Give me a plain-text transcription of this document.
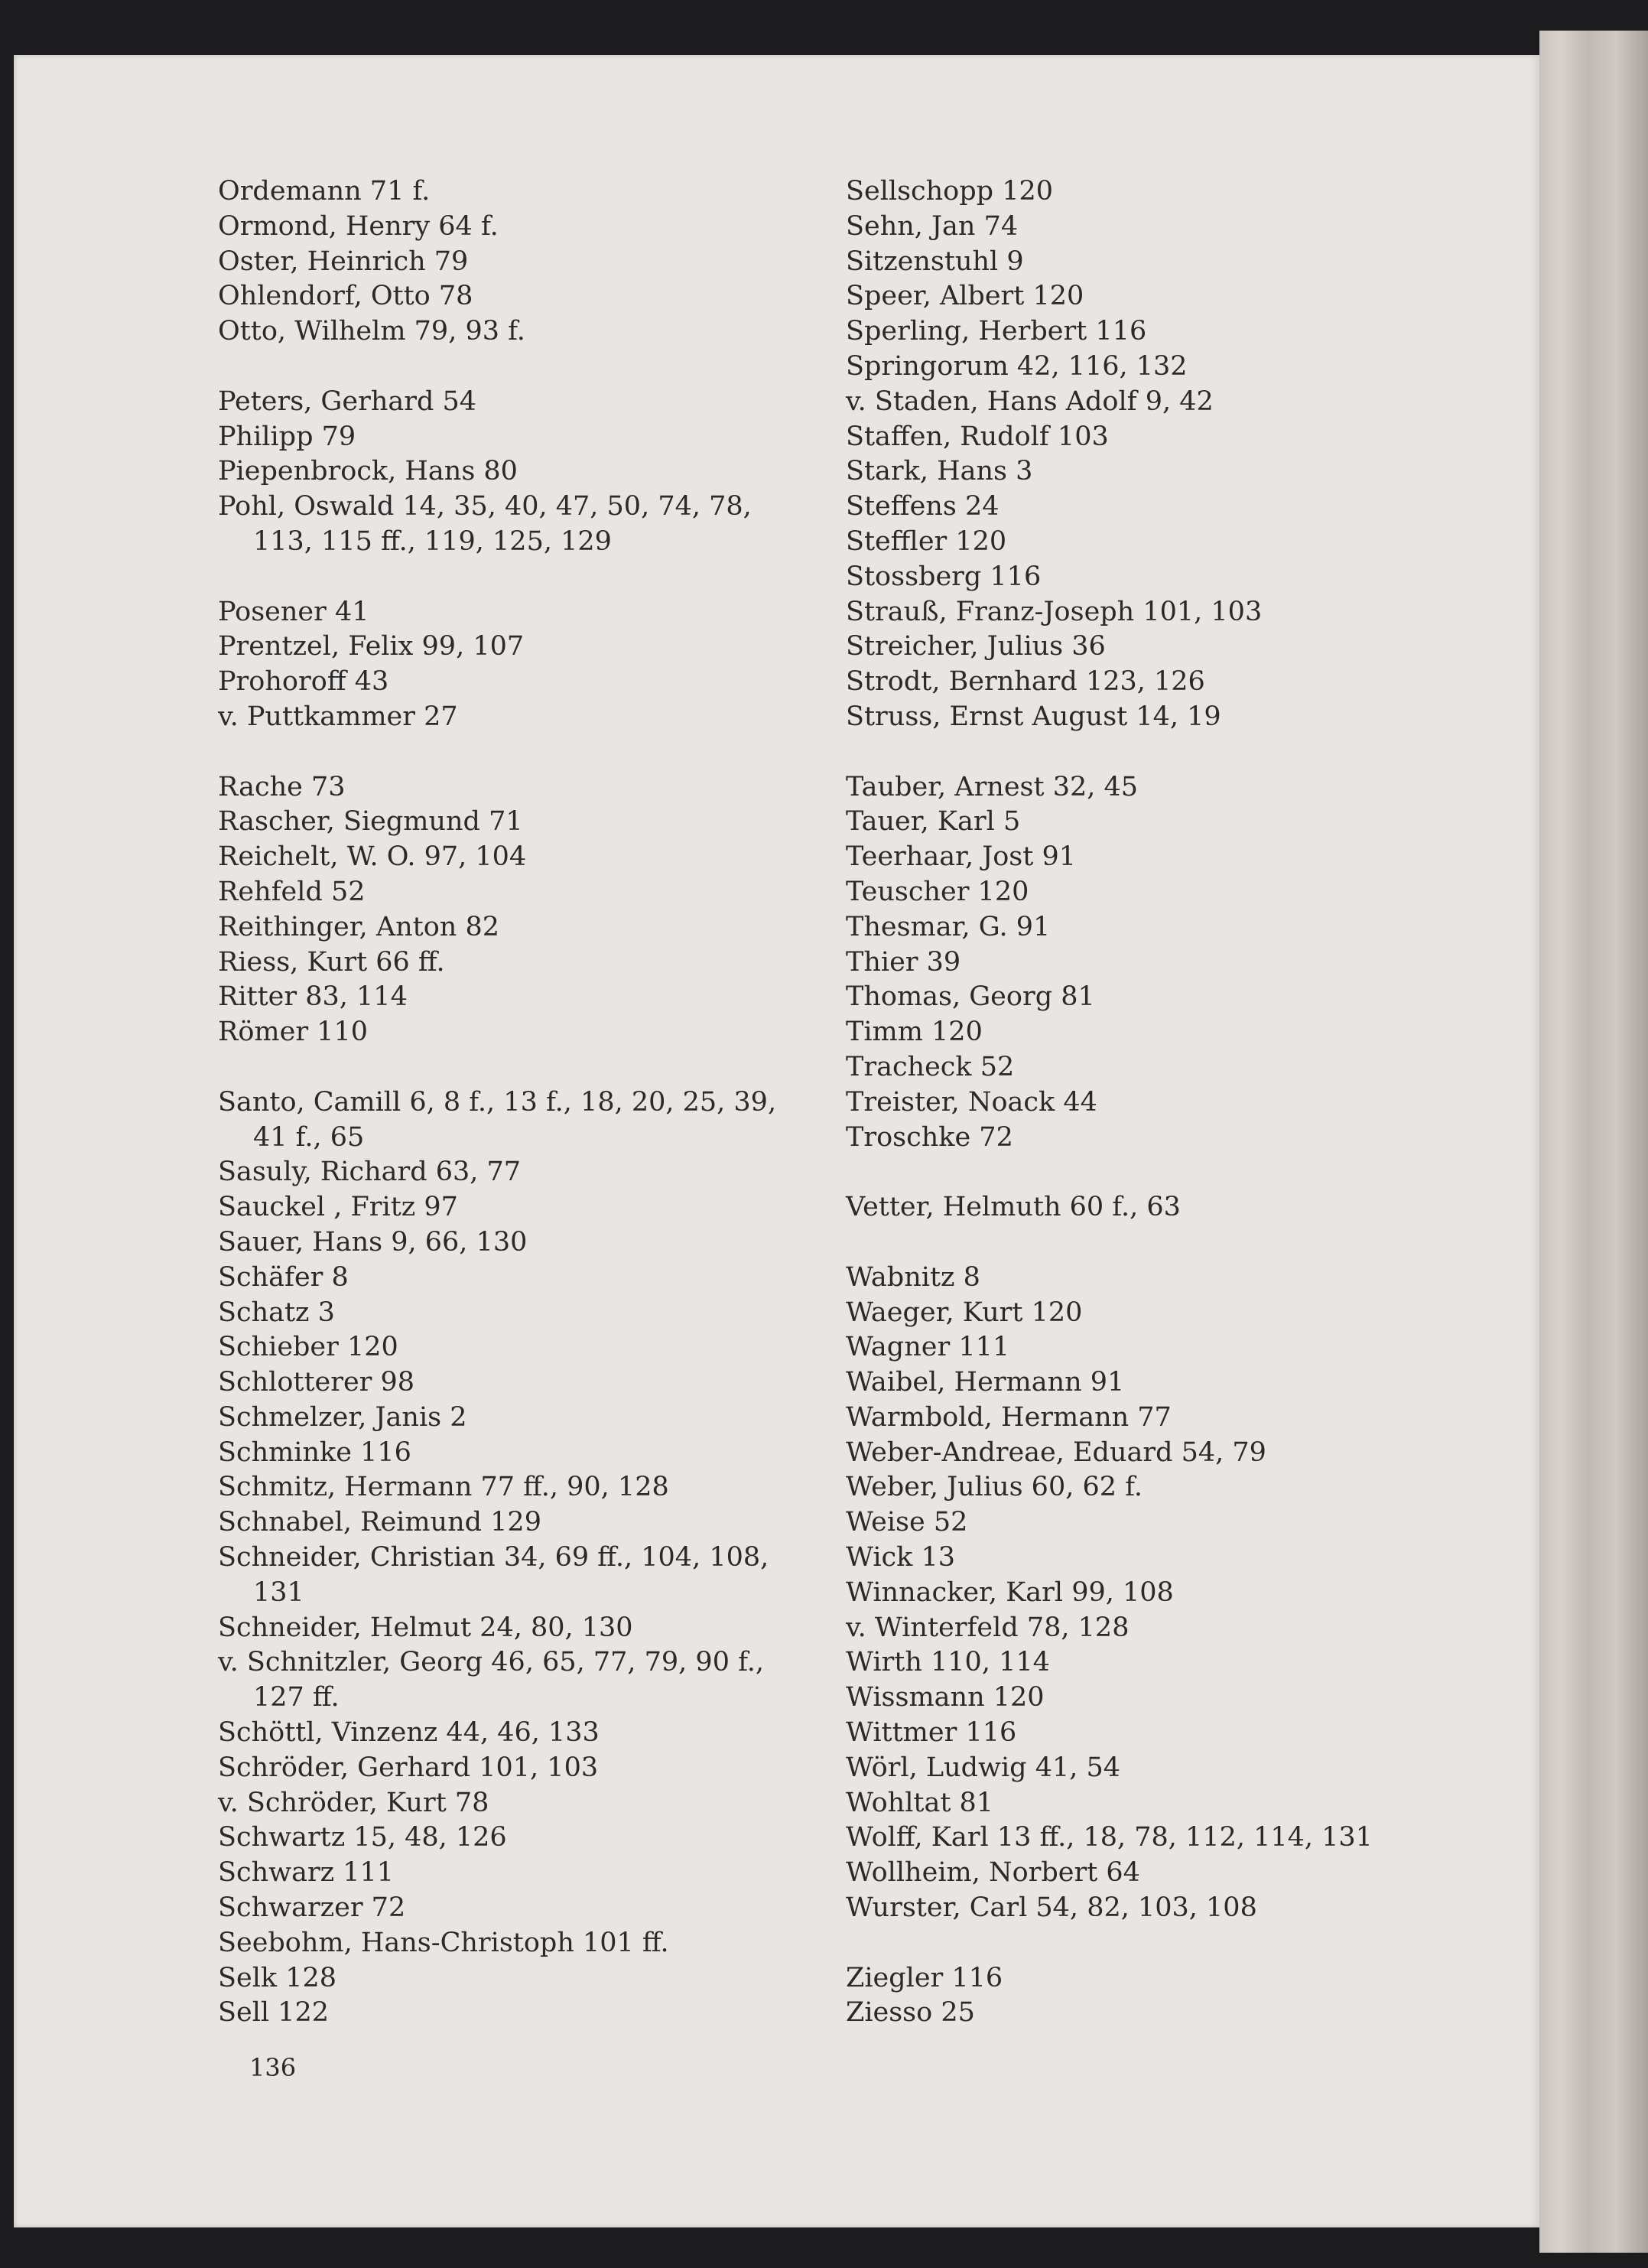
Ordemann 71 f.
Ormond, Henry 64 f.
Oster, Heinrich 79
Ohlendorf, Otto 78
Otto, Wilhelm 79, 93 f.
Peters, Gerhard 54
Philipp 79
Piepenbrock, Hans 80
Pohl, Oswald 14, 35, 40, 47, 50, 74, 78,
113, 115 ff., 119, 125, 129
Posener 41
Prentzel, Felix 99, 107
Prohoroff 43
v. Puttkammer 27
Rache 73
Rascher, Siegmund 71
Reichelt, W. O. 97, 104
Rehfeld 52
Reithinger, Anton 82
Riess, Kurt 66 ff.
Ritter 83, 114
Römer 110
Santo, Camill 6, 8 f., 13 f., 18, 20, 25, 39,
41 f., 65
Sasuly, Richard 63, 77
Sauckel , Fritz 97
Sauer, Hans 9, 66, 130
Schäfer 8
Schatz 3
Schieber 120
Schlotterer 98
Schmelzer, Janis 2
Schminke 116
Schmitz, Hermann 77 ff., 90, 128
Schnabel, Reimund 129
Schneider, Christian 34, 69 ff., 104, 108,
131
Schneider, Helmut 24, 80, 130
v. Schnitzler, Georg 46, 65, 77, 79, 90 f.,
127 ff.
Schöttl, Vinzenz 44, 46, 133
Schröder, Gerhard 101, 103
v. Schröder, Kurt 78
Schwartz 15, 48, 126
Schwarz 111
Schwarzer 72
Seebohm, Hans-Christoph 101 ff.
Selk 128
Sell 122
Sellschopp 120
Sehn, Jan 74
Sitzenstuhl 9
Speer, Albert 120
Sperling, Herbert 116
Springorum 42, 116, 132
v. Staden, Hans Adolf 9, 42
Staffen, Rudolf 103
Stark, Hans 3
Steffens 24
Steffler 120
Stossberg 116
Strauß, Franz-Joseph 101, 103
Streicher, Julius 36
Strodt, Bernhard 123, 126
Struss, Ernst August 14, 19
Tauber, Arnest 32, 45
Tauer, Karl 5
Teerhaar, Jost 91
Teuscher 120
Thesmar, G. 91
Thier 39
Thomas, Georg 81
Timm 120
Tracheck 52
Treister, Noack 44
Troschke 72
Vetter, Helmuth 60 f., 63
Wabnitz 8
Waeger, Kurt 120
Wagner 111
Waibel, Hermann 91
Warmbold, Hermann 77
Weber-Andreae, Eduard 54, 79
Weber, Julius 60, 62 f.
Weise 52
Wick 13
Winnacker, Karl 99, 108
v. Winterfeld 78, 128
Wirth 110, 114
Wissmann 120
Wittmer 116
Wörl, Ludwig 41, 54
Wohltat 81
Wolff, Karl 13 ff., 18, 78, 112, 114, 131
Wollheim, Norbert 64
Wurster, Carl 54, 82, 103, 108
Ziegler 116
Ziesso 25
136
